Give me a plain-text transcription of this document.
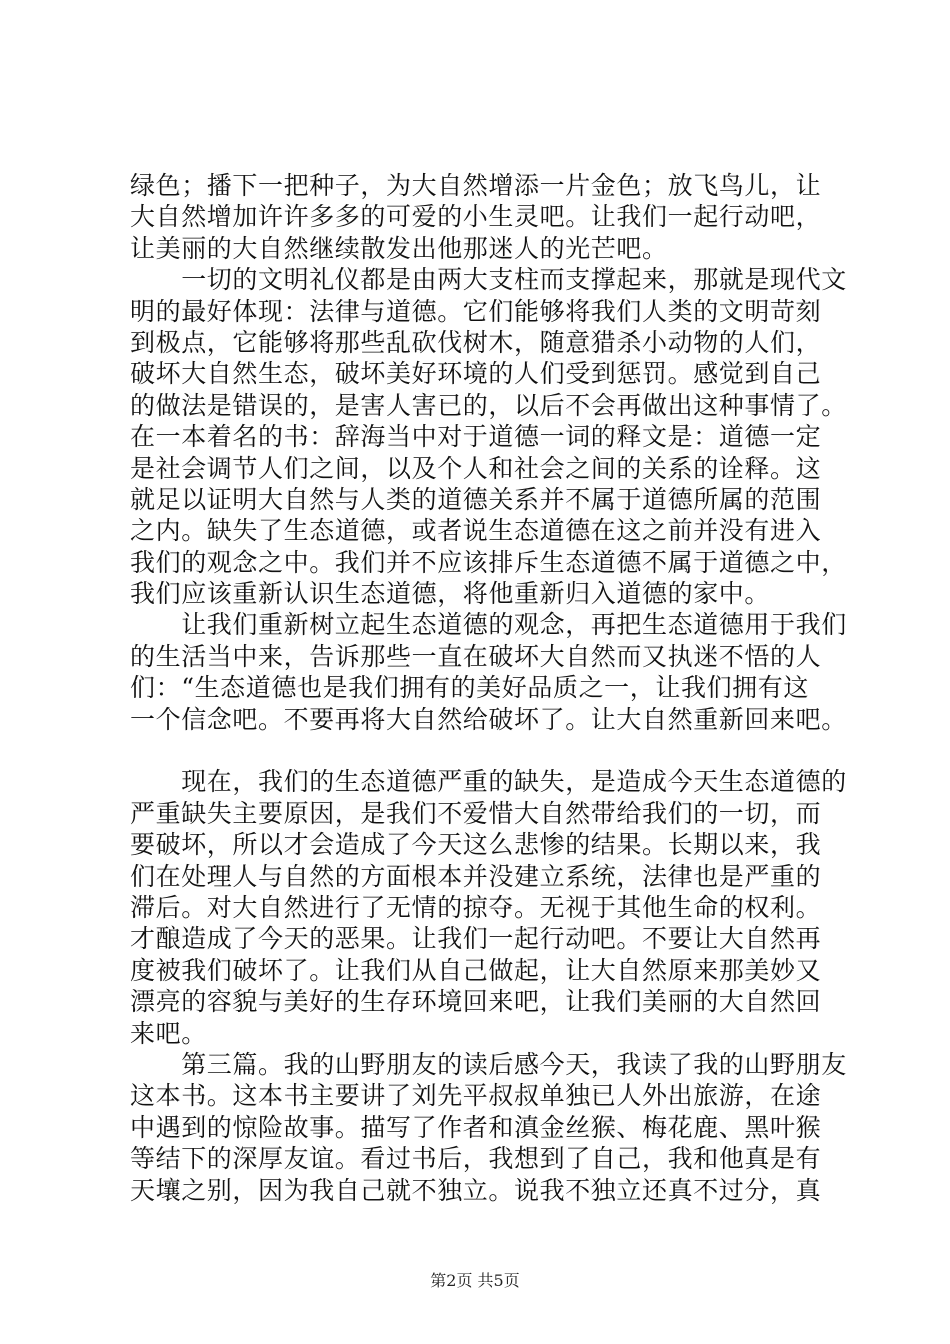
绿色；播下一把种子，为大自然增添一片金色；放飞鸟儿，让
大自然增加许许多多的可爱的小生灵吧。让我们一起行动吧，
让美丽的大自然继续散发出他那迷人的光芒吧。
　　一切的文明礼仪都是由两大支柱而支撑起来，那就是现代文
明的最好体现：法律与道德。它们能够将我们人类的文明苛刻
到极点，它能够将那些乱砍伐树木，随意猎杀小动物的人们，
破坏大自然生态，破坏美好环境的人们受到惩罚。感觉到自己
的做法是错误的，是害人害已的，以后不会再做出这种事情了。
在一本着名的书：辞海当中对于道德一词的释文是：道德一定
是社会调节人们之间，以及个人和社会之间的关系的诠释。这
就足以证明大自然与人类的道德关系并不属于道德所属的范围
之内。缺失了生态道德，或者说生态道德在这之前并没有进入
我们的观念之中。我们并不应该排斥生态道德不属于道德之中，
我们应该重新认识生态道德，将他重新归入道德的家中。
　　让我们重新树立起生态道德的观念，再把生态道德用于我们
的生活当中来，告诉那些一直在破坏大自然而又执迷不悟的人
们：“生态道德也是我们拥有的美好品质之一，让我们拥有这
一个信念吧。不要再将大自然给破坏了。让大自然重新回来吧。
　　现在，我们的生态道德严重的缺失，是造成今天生态道德的
严重缺失主要原因，是我们不爱惜大自然带给我们的一切，而
要破坏，所以才会造成了今天这么悲惨的结果。长期以来，我
们在处理人与自然的方面根本并没建立系统，法律也是严重的
滞后。对大自然进行了无情的掠夺。无视于其他生命的权利。
才酿造成了今天的恶果。让我们一起行动吧。不要让大自然再
度被我们破坏了。让我们从自己做起，让大自然原来那美妙又
漂亮的容貌与美好的生存环境回来吧，让我们美丽的大自然回
来吧。
　　第三篇。我的山野朋友的读后感今天，我读了我的山野朋友
这本书。这本书主要讲了刘先平叔叔单独已人外出旅游，在途
中遇到的惊险故事。描写了作者和滇金丝猴、梅花鹿、黑叶猴
等结下的深厚友谊。看过书后，我想到了自己，我和他真是有
天壤之别，因为我自己就不独立。说我不独立还真不过分，真
第2页 共5页
